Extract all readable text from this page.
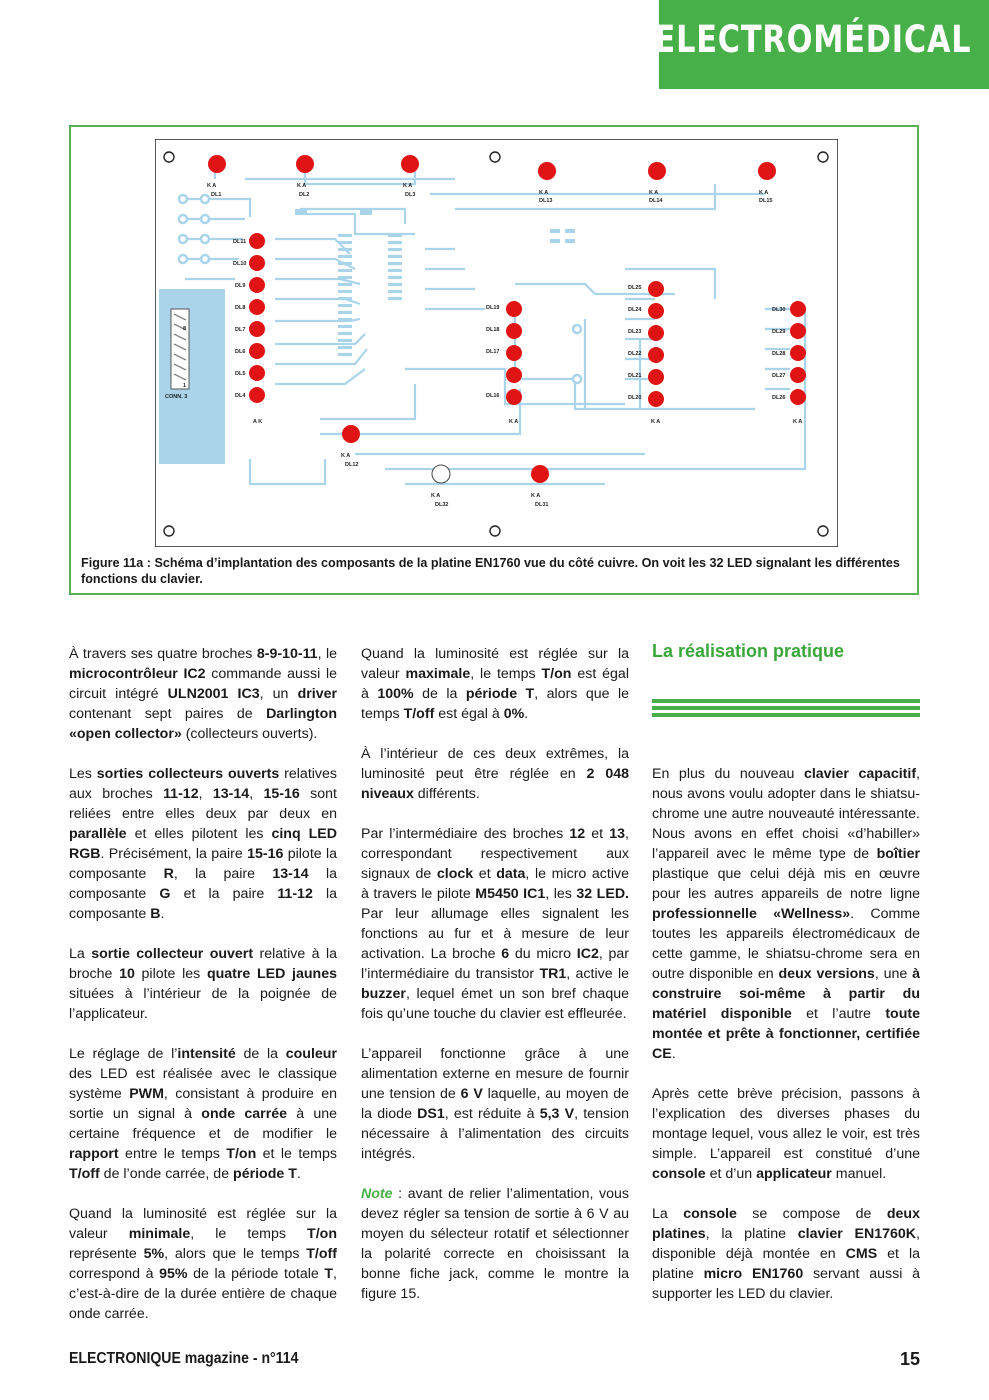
ELECTROMÉDICAL
CONN. 3
8
1
K A
DL1
K A
DL2
K A
DL3	K A
DL13
K A
DL14
K A
DL15
DL11
DL10
DL9
DL8
DL7
DL6
DL5
DL4
A K
DL19
DL18
DL17
DL16
K A
DL25
DL24
DL23
DL22
DL21
DL20
K A
DL30
DL29
DL28
DL27
DL26
K A
K A
DL12
K A
DL32
K A
DL31
Figure 11a : Schéma d’implantation des composants de la platine EN1760 vue du côté cuivre. On voit les 32 LED signalant les différentes fonctions du clavier.

À travers ses quatre broches 8-9-10-11, le microcontrôleur IC2 commande aussi le circuit intégré ULN2001 IC3, un driver contenant sept paires de Darlington «open collector» (collecteurs ouverts).

Les sorties collecteurs ouverts relatives aux broches 11-12, 13-14, 15-16 sont reliées entre elles deux par deux en parallèle et elles pilotent les cinq LED RGB. Précisément, la paire 15-16 pilote la composante R, la paire 13-14 la composante G et la paire 11-12 la composante B.

La sortie collecteur ouvert relative à la broche 10 pilote les quatre LED jaunes situées à l’intérieur de la poignée de l’applicateur.

Le réglage de l’intensité de la couleur des LED est réalisée avec le classique système PWM, consistant à produire en sortie un signal à onde carrée à une certaine fréquence et de modifier le rapport entre le temps T/on et le temps T/off de l’onde carrée, de période T.

Quand la luminosité est réglée sur la valeur minimale, le temps T/on représente 5%, alors que le temps T/off correspond à 95% de la période totale T, c’est-à-dire de la durée entière de chaque onde carrée.

Quand la luminosité est réglée sur la valeur maximale, le temps T/on est égal à 100% de la période T, alors que le temps T/off est égal à 0%.

À l’intérieur de ces deux extrêmes, la luminosité peut être réglée en 2 048 niveaux différents.

Par l’intermédiaire des broches 12 et 13, correspondant respectivement aux signaux de clock et data, le micro active à travers le pilote M5450 IC1, les 32 LED. Par leur allumage elles signalent les fonctions au fur et à mesure de leur activation. La broche 6 du micro IC2, par l’intermédiaire du transistor TR1, active le buzzer, lequel émet un son bref chaque fois qu’une touche du clavier est effleurée.

L’appareil fonctionne grâce à une alimentation externe en mesure de fournir une tension de 6 V laquelle, au moyen de la diode DS1, est réduite à 5,3 V, tension nécessaire à l’alimentation des circuits intégrés.

Note : avant de relier l’alimentation, vous devez régler sa tension de sortie à 6 V au moyen du sélecteur rotatif et sélectionner la polarité correcte en choisissant la bonne fiche jack, comme le montre la figure 15.

La réalisation pratique

En plus du nouveau clavier capacitif, nous avons voulu adopter dans le shiatsu-chrome une autre nouveauté intéressante. Nous avons en effet choisi «d’habiller» l’appareil avec le même type de boîtier plastique que celui déjà mis en œuvre pour les autres appareils de notre ligne professionnelle «Wellness». Comme toutes les appareils électromédicaux de cette gamme, le shiatsu-chrome sera en outre disponible en deux versions, une à construire soi-même à partir du matériel disponible et l’autre toute montée et prête à fonctionner, certifiée CE.

Après cette brève précision, passons à l’explication des diverses phases du montage lequel, vous allez le voir, est très simple. L’appareil est constitué d’une console et d’un applicateur manuel.

La console se compose de deux platines, la platine clavier EN1760K, disponible déjà montée en CMS et la platine micro EN1760 servant aussi à supporter les LED du clavier.

ELECTRONIQUE magazine - n°114	15
